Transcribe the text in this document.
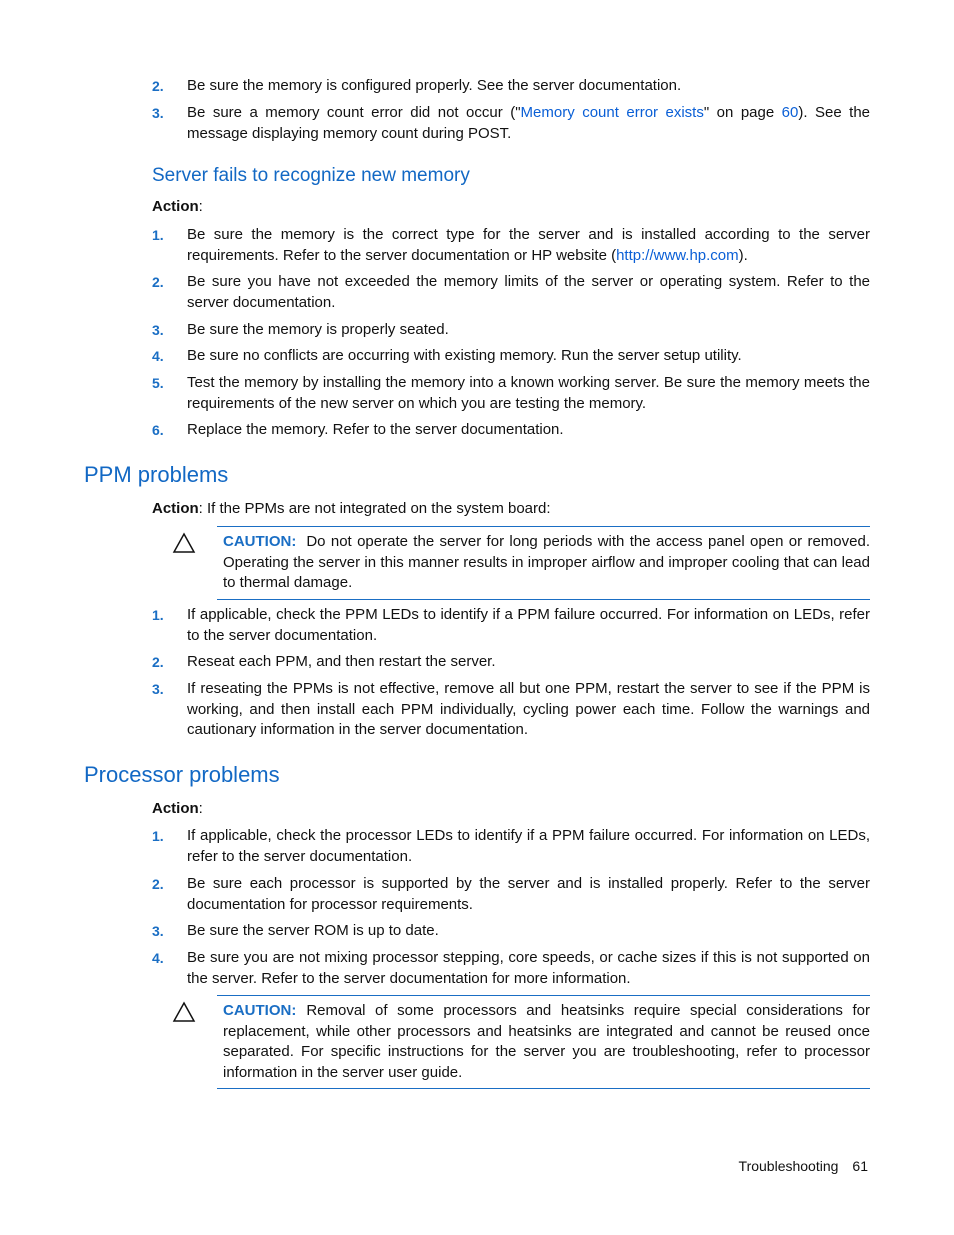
2. Be sure the memory is configured properly. See the server documentation.
3. Be sure a memory count error did not occur ("Memory count error exists" on page 60). See the message displaying memory count during POST.
Server fails to recognize new memory
Action:
1. Be sure the memory is the correct type for the server and is installed according to the server requirements. Refer to the server documentation or HP website (http://www.hp.com).
2. Be sure you have not exceeded the memory limits of the server or operating system. Refer to the server documentation.
3. Be sure the memory is properly seated.
4. Be sure no conflicts are occurring with existing memory. Run the server setup utility.
5. Test the memory by installing the memory into a known working server. Be sure the memory meets the requirements of the new server on which you are testing the memory.
6. Replace the memory. Refer to the server documentation.
PPM problems
Action: If the PPMs are not integrated on the system board:
CAUTION: Do not operate the server for long periods with the access panel open or removed. Operating the server in this manner results in improper airflow and improper cooling that can lead to thermal damage.
1. If applicable, check the PPM LEDs to identify if a PPM failure occurred. For information on LEDs, refer to the server documentation.
2. Reseat each PPM, and then restart the server.
3. If reseating the PPMs is not effective, remove all but one PPM, restart the server to see if the PPM is working, and then install each PPM individually, cycling power each time. Follow the warnings and cautionary information in the server documentation.
Processor problems
Action:
1. If applicable, check the processor LEDs to identify if a PPM failure occurred. For information on LEDs, refer to the server documentation.
2. Be sure each processor is supported by the server and is installed properly. Refer to the server documentation for processor requirements.
3. Be sure the server ROM is up to date.
4. Be sure you are not mixing processor stepping, core speeds, or cache sizes if this is not supported on the server. Refer to the server documentation for more information.
CAUTION: Removal of some processors and heatsinks require special considerations for replacement, while other processors and heatsinks are integrated and cannot be reused once separated. For specific instructions for the server you are troubleshooting, refer to processor information in the server user guide.
Troubleshooting 61
